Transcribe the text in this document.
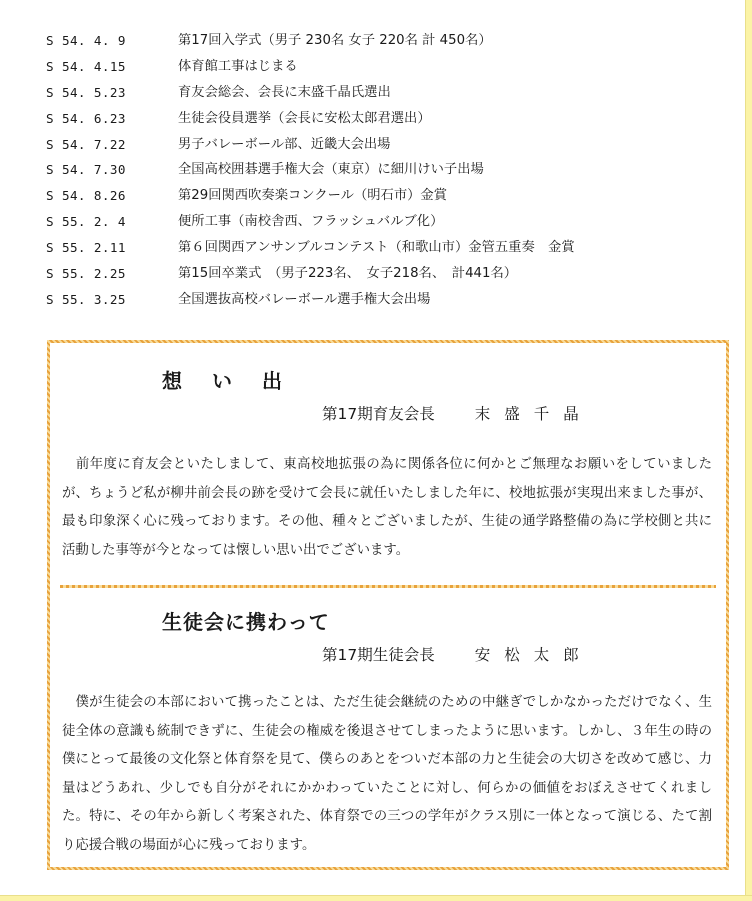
S 54. 4. 9	第17回入学式（男子 230名 女子 220名 計 450名）
S 54. 4.15	体育館工事はじまる
S 54. 5.23	育友会総会、会長に末盛千晶氏選出
S 54. 6.23	生徒会役員選挙（会長に安松太郎君選出）
S 54. 7.22	男子バレーボール部、近畿大会出場
S 54. 7.30	全国高校囲碁選手権大会（東京）に細川けい子出場
S 54. 8.26	第29回関西吹奏楽コンクール（明石市）金賞
S 55. 2. 4	便所工事（南校舎西、フラッシュバルブ化）
S 55. 2.11	第６回関西アンサンブルコンテスト（和歌山市）金管五重奏　金賞
S 55. 2.25	第15回卒業式　（男子223名、　女子218名、　計441名）
S 55. 3.25	全国選抜高校バレーボール選手権大会出場
想い出
第17期育友会長	末盛千晶

　前年度に育友会といたしまして、東高校地拡張の為に関係各位に何かとご無理なお願いをしていましたが、ちょうど私が柳井前会長の跡を受けて会長に就任いたしました年に、校地拡張が実現出来ました事が、最も印象深く心に残っております。その他、種々とございましたが、生徒の通学路整備の為に学校側と共に活動した事等が今となっては懐しい思い出でございます。

生徒会に携わって
第17期生徒会長	安松太郎

　僕が生徒会の本部において携ったことは、ただ生徒会継続のための中継ぎでしかなかっただけでなく、生徒全体の意識も統制できずに、生徒会の権威を後退させてしまったように思います。しかし、３年生の時の僕にとって最後の文化祭と体育祭を見て、僕らのあとをついだ本部の力と生徒会の大切さを改めて感じ、力量はどうあれ、少しでも自分がそれにかかわっていたことに対し、何らかの価値をおぼえさせてくれました。特に、その年から新しく考案された、体育祭での三つの学年がクラス別に一体となって演じる、たて割り応援合戦の場面が心に残っております。
